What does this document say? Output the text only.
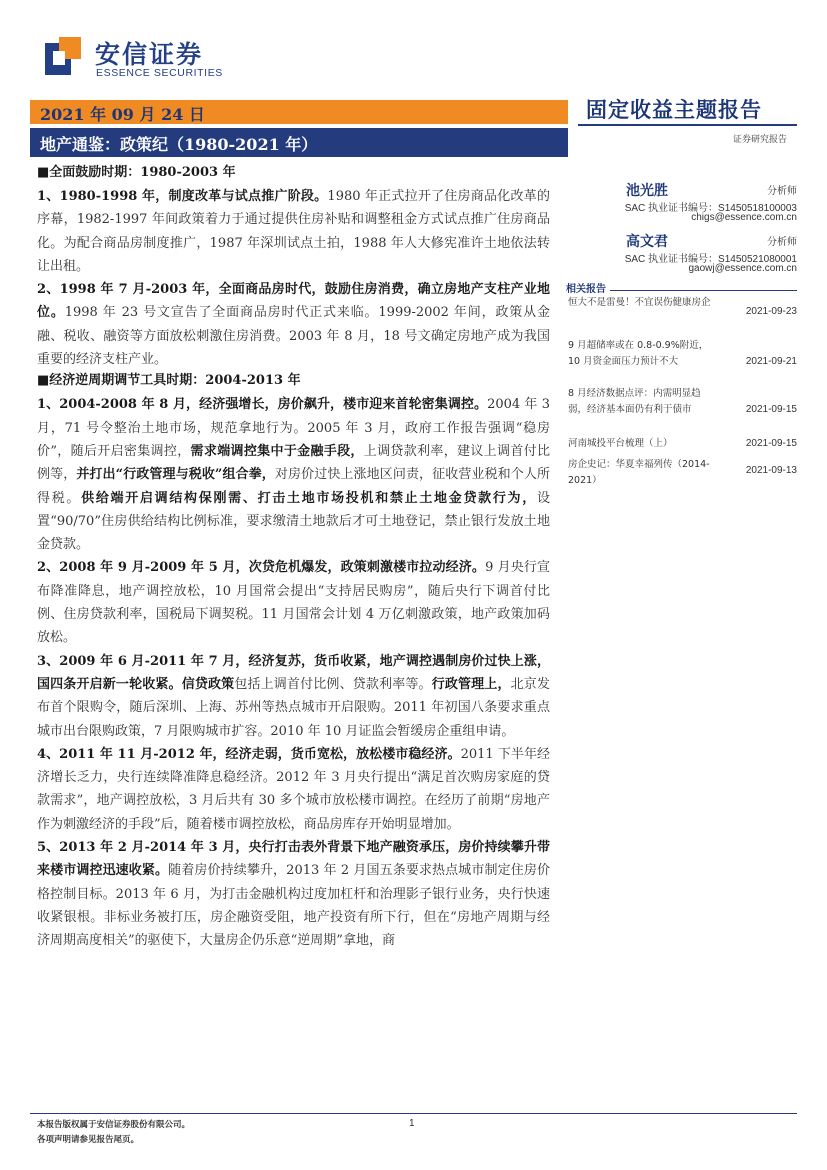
安信证券
ESSENCE SECURITIES
2021 年 09 月 24 日
地产通鉴：政策纪（1980-2021 年）
固定收益主题报告
证券研究报告
■全面鼓励时期：1980-2003 年

1、1980-1998 年，制度改革与试点推广阶段。1980 年正式拉开了住房商品化改革的序幕，1982-1997 年间政策着力于通过提供住房补贴和调整租金方式试点推广住房商品化。为配合商品房制度推广，1987 年深圳试点土拍，1988 年人大修宪准许土地依法转让出租。

2、1998 年 7 月-2003 年，全面商品房时代，鼓励住房消费，确立房地产支柱产业地位。1998 年 23 号文宣告了全面商品房时代正式来临。1999-2002 年间，政策从金融、税收、融资等方面放松刺激住房消费。2003 年 8 月，18 号文确定房地产成为我国重要的经济支柱产业。

■经济逆周期调节工具时期：2004-2013 年

1、2004-2008 年 8 月，经济强增长，房价飙升，楼市迎来首轮密集调控。2004 年 3 月，71 号令整治土地市场，规范拿地行为。2005 年 3 月，政府工作报告强调“稳房价”，随后开启密集调控，需求端调控集中于金融手段，上调贷款利率，建议上调首付比例等，并打出“行政管理与税收”组合拳，对房价过快上涨地区问责，征收营业税和个人所得税。供给端开启调结构保刚需、打击土地市场投机和禁止土地金贷款行为，设置“90/70”住房供给结构比例标准，要求缴清土地款后才可土地登记，禁止银行发放土地金贷款。

2、2008 年 9 月-2009 年 5 月，次贷危机爆发，政策刺激楼市拉动经济。9 月央行宣布降准降息，地产调控放松，10 月国常会提出“支持居民购房”，随后央行下调首付比例、住房贷款利率，国税局下调契税。11 月国常会计划 4 万亿刺激政策，地产政策加码放松。

3、2009 年 6 月-2011 年 7 月，经济复苏，货币收紧，地产调控遇制房价过快上涨，国四条开启新一轮收紧。信贷政策包括上调首付比例、贷款利率等。行政管理上，北京发布首个限购令，随后深圳、上海、苏州等热点城市开启限购。2011 年初国八条要求重点城市出台限购政策，7 月限购城市扩容。2010 年 10 月证监会暂缓房企重组申请。

4、2011 年 11 月-2012 年，经济走弱，货币宽松，放松楼市稳经济。2011 下半年经济增长乏力，央行连续降准降息稳经济。2012 年 3 月央行提出“满足首次购房家庭的贷款需求”，地产调控放松，3 月后共有 30 多个城市放松楼市调控。在经历了前期“房地产作为刺激经济的手段”后，随着楼市调控放松，商品房库存开始明显增加。

5、2013 年 2 月-2014 年 3 月，央行打击表外背景下地产融资承压，房价持续攀升带来楼市调控迅速收紧。随着房价持续攀升，2013 年 2 月国五条要求热点城市制定住房价格控制目标。2013 年 6 月，为打击金融机构过度加杠杆和治理影子银行业务，央行快速收紧银根。非标业务被打压，房企融资受阻，地产投资有所下行，但在“房地产周期与经济周期高度相关”的驱使下，大量房企仍乐意“逆周期”拿地，商

池光胜	分析师
SAC 执业证书编号：S1450518100003
chigs@essence.com.cn
高文君	分析师
SAC 执业证书编号：S1450521080001
gaowj@essence.com.cn
相关报告
恒大不是雷曼！不宜误伤健康房企
2021-09-23
9 月超储率或在 0.8-0.9%附近，10 月资金面压力预计不大	2021-09-21
8 月经济数据点评：内需明显趋弱，经济基本面仍有利于债市	2021-09-15
河南城投平台梳理（上）	2021-09-15
房企史记：华夏幸福列传（2014-2021）
2021-09-13
本报告版权属于安信证券股份有限公司。
各项声明请参见报告尾页。
1
